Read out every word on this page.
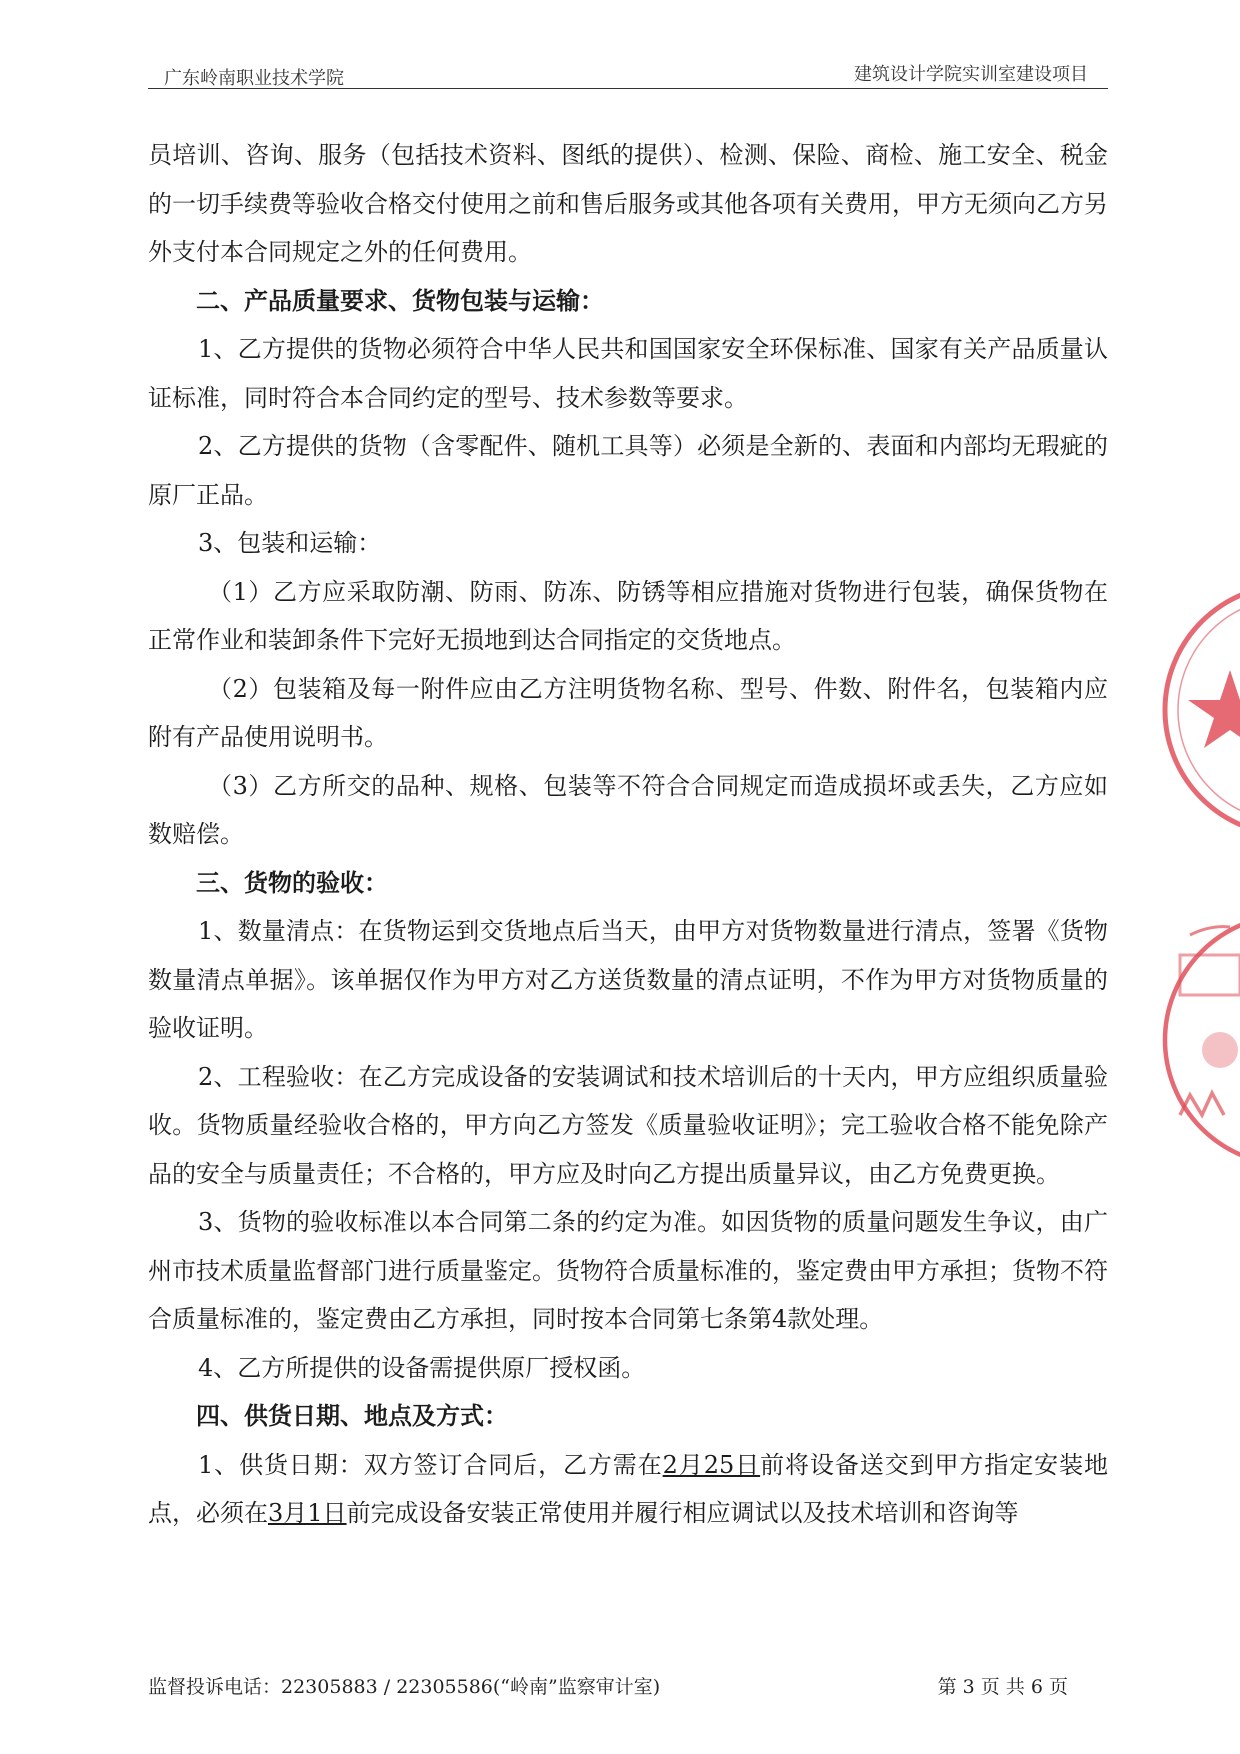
广东岭南职业技术学院	建筑设计学院实训室建设项目

员培训、咨询、服务（包括技术资料、图纸的提供）、检测、保险、商检、施工安全、税金的一切手续费等验收合格交付使用之前和售后服务或其他各项有关费用，甲方无须向乙方另外支付本合同规定之外的任何费用。

二、产品质量要求、货物包装与运输：

1、乙方提供的货物必须符合中华人民共和国国家安全环保标准、国家有关产品质量认证标准，同时符合本合同约定的型号、技术参数等要求。

2、乙方提供的货物（含零配件、随机工具等）必须是全新的、表面和内部均无瑕疵的原厂正品。

3、包装和运输：

（1）乙方应采取防潮、防雨、防冻、防锈等相应措施对货物进行包装，确保货物在正常作业和装卸条件下完好无损地到达合同指定的交货地点。

（2）包装箱及每一附件应由乙方注明货物名称、型号、件数、附件名，包装箱内应附有产品使用说明书。

（3）乙方所交的品种、规格、包装等不符合合同规定而造成损坏或丢失，乙方应如数赔偿。

三、货物的验收：

1、数量清点：在货物运到交货地点后当天，由甲方对货物数量进行清点，签署《货物数量清点单据》。该单据仅作为甲方对乙方送货数量的清点证明，不作为甲方对货物质量的验收证明。

2、工程验收：在乙方完成设备的安装调试和技术培训后的十天内，甲方应组织质量验收。货物质量经验收合格的，甲方向乙方签发《质量验收证明》；完工验收合格不能免除产品的安全与质量责任；不合格的，甲方应及时向乙方提出质量异议，由乙方免费更换。

3、货物的验收标准以本合同第二条的约定为准。如因货物的质量问题发生争议，由广州市技术质量监督部门进行质量鉴定。货物符合质量标准的，鉴定费由甲方承担；货物不符合质量标准的，鉴定费由乙方承担，同时按本合同第七条第4款处理。

4、乙方所提供的设备需提供原厂授权函。

四、供货日期、地点及方式：

1、供货日期：双方签订合同后，乙方需在2月25日前将设备送交到甲方指定安装地点，必须在3月1日前完成设备安装正常使用并履行相应调试以及技术培训和咨询等

监督投诉电话：22305883 / 22305586(“岭南”监察审计室)	第 3 页 共 6 页
